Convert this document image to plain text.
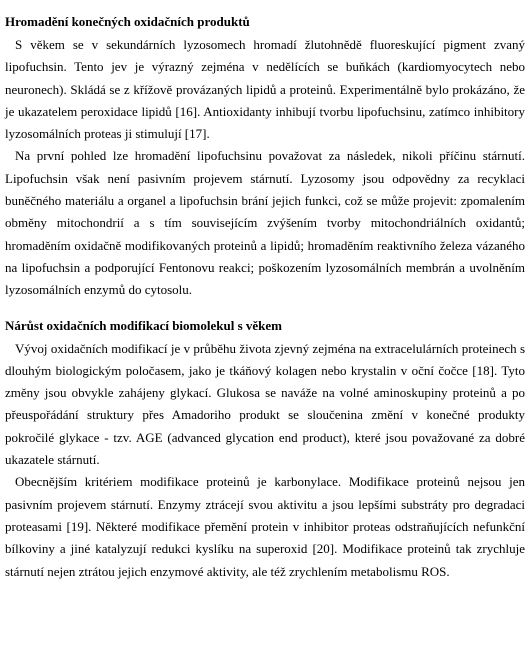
Hromadění konečných oxidačních produktů

S věkem se v sekundárních lyzosomech hromadí žlutohnědě fluoreskující pigment zvaný lipofuchsin. Tento jev je výrazný zejména v nedělících se buňkách (kardiomyocytech nebo neuronech). Skládá se z křížově provázaných lipidů a proteinů. Experimentálně bylo prokázáno, že je ukazatelem peroxidace lipidů [16]. Antioxidanty inhibují tvorbu lipofuchsinu, zatímco inhibitory lyzosomálních proteas ji stimulují [17].

Na první pohled lze hromadění lipofuchsinu považovat za následek, nikoli příčinu stárnutí. Lipofuchsin však není pasivním projevem stárnutí. Lyzosomy jsou odpovědny za recyklaci buněčného materiálu a organel a lipofuchsin brání jejich funkci, což se může projevit: zpomalením obměny mitochondrií a s tím souvisejícím zvýšením tvorby mitochondriálních oxidantů; hromaděním oxidačně modifikovaných proteinů a lipidů; hromaděním reaktivního železa vázaného na lipofuchsin a podporující Fentonovu reakci; poškozením lyzosomálních membrán a uvolněním lyzosomálních enzymů do cytosolu.

Nárůst oxidačních modifikací biomolekul s věkem

Vývoj oxidačních modifikací je v průběhu života zjevný zejména na extracelulárních proteinech s dlouhým biologickým poločasem, jako je tkáňový kolagen nebo krystalin v oční čočce [18]. Tyto změny jsou obvykle zahájeny glykací. Glukosa se naváže na volné aminoskupiny proteinů a po přeuspořádání struktury přes Amadoriho produkt se sloučenina změní v konečné produkty pokročilé glykace - tzv. AGE (advanced glycation end product), které jsou považované za dobré ukazatele stárnutí.

Obecnějším kritériem modifikace proteinů je karbonylace. Modifikace proteinů nejsou jen pasivním projevem stárnutí. Enzymy ztrácejí svou aktivitu a jsou lepšími substráty pro degradaci proteasami [19]. Některé modifikace přemění protein v inhibitor proteas odstraňujících nefunkční bílkoviny a jiné katalyzují redukci kyslíku na superoxid [20]. Modifikace proteinů tak zrychluje stárnutí nejen ztrátou jejich enzymové aktivity, ale též zrychlením metabolismu ROS.
